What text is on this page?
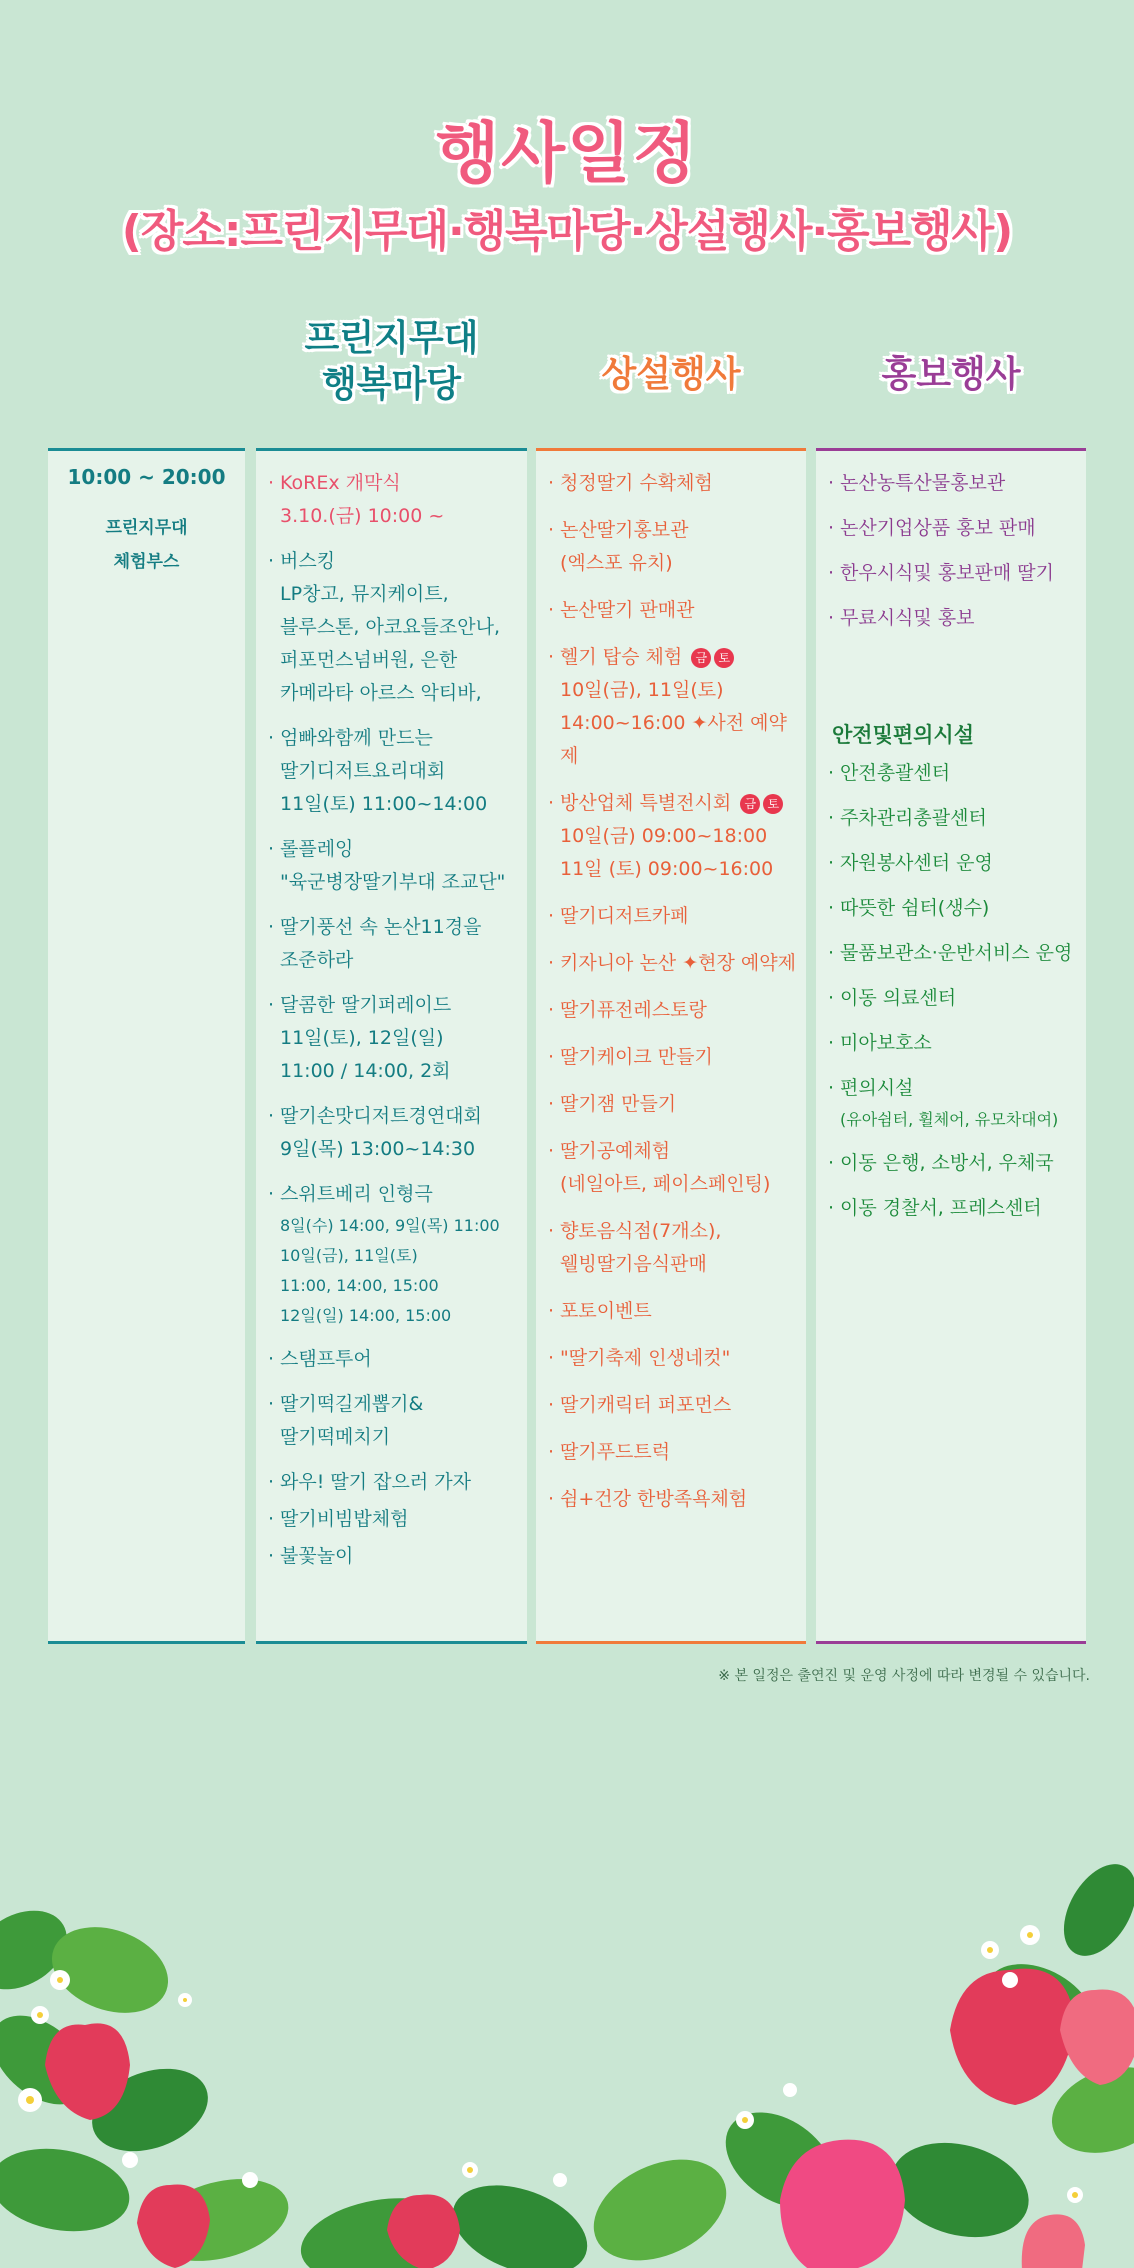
행사일정
(장소:프린지무대·행복마당·상설행사·홍보행사)
프린지무대
행복마당	상설행사	홍보행사
10:00 ~ 20:00
프린지무대
체험부스
· KoREx 개막식
3.10.(금) 10:00 ~
· 버스킹
LP창고, 뮤지케이트,
블루스톤, 아코요들조안나,
퍼포먼스넘버원, 은한
카메라타 아르스 악티바,
· 엄빠와함께 만드는
딸기디저트요리대회
11일(토) 11:00~14:00
· 롤플레잉
"육군병장딸기부대 조교단"
· 딸기풍선 속 논산11경을
조준하라
· 달콤한 딸기퍼레이드
11일(토), 12일(일)
11:00 / 14:00, 2회
· 딸기손맛디저트경연대회
9일(목) 13:00~14:30
· 스위트베리 인형극
8일(수) 14:00, 9일(목) 11:00
10일(금), 11일(토)
11:00, 14:00, 15:00
12일(일) 14:00, 15:00
· 스탬프투어
· 딸기떡길게뽑기&
딸기떡메치기
· 와우! 딸기 잡으러 가자
· 딸기비빔밥체험
· 불꽃놀이
· 청정딸기 수확체험
· 논산딸기홍보관
(엑스포 유치)
· 논산딸기 판매관
· 헬기 탑승 체험 금 토
10일(금), 11일(토)
14:00~16:00 ✦사전 예약제
· 방산업체 특별전시회 금 토
10일(금) 09:00~18:00
11일 (토) 09:00~16:00
· 딸기디저트카페
· 키자니아 논산 ✦현장 예약제
· 딸기퓨전레스토랑
· 딸기케이크 만들기
· 딸기잼 만들기
· 딸기공예체험
(네일아트, 페이스페인팅)
· 향토음식점(7개소),
웰빙딸기음식판매
· 포토이벤트
· "딸기축제 인생네컷"
· 딸기캐릭터 퍼포먼스
· 딸기푸드트럭
· 쉼+건강 한방족욕체험
· 논산농특산물홍보관
· 논산기업상품 홍보 판매
· 한우시식및 홍보판매 딸기
· 무료시식및 홍보
안전및편의시설
· 안전총괄센터
· 주차관리총괄센터
· 자원봉사센터 운영
· 따뜻한 쉼터(생수)
· 물품보관소·운반서비스 운영
· 이동 의료센터
· 미아보호소
· 편의시설
(유아쉼터, 휠체어, 유모차대여)
· 이동 은행, 소방서, 우체국
· 이동 경찰서, 프레스센터
※ 본 일정은 출연진 및 운영 사정에 따라 변경될 수 있습니다.
